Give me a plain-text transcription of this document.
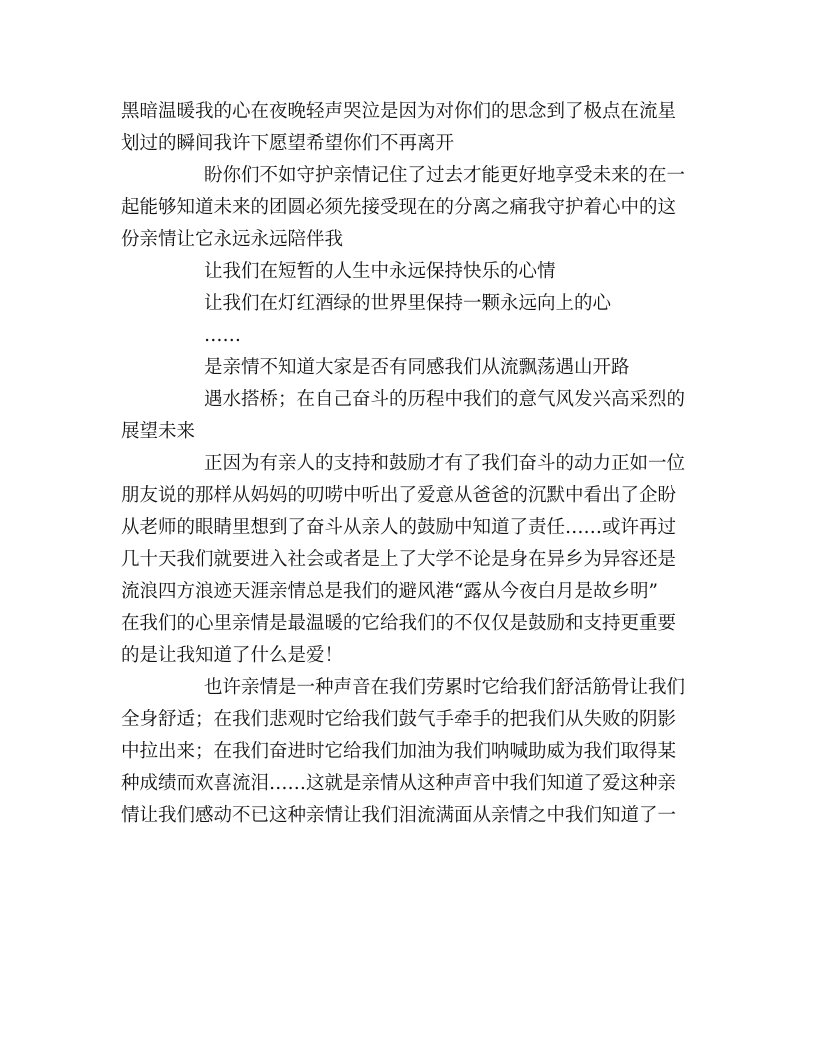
黑暗温暖我的心在夜晚轻声哭泣是因为对你们的思念到了极点在流星
划过的瞬间我许下愿望希望你们不再离开
盼你们不如守护亲情记住了过去才能更好地享受未来的在一
起能够知道未来的团圆必须先接受现在的分离之痛我守护着心中的这
份亲情让它永远永远陪伴我
让我们在短暂的人生中永远保持快乐的心情
让我们在灯红酒绿的世界里保持一颗永远向上的心
……
是亲情不知道大家是否有同感我们从流飘荡遇山开路
遇水搭桥；在自己奋斗的历程中我们的意气风发兴高采烈的
展望未来
正因为有亲人的支持和鼓励才有了我们奋斗的动力正如一位
朋友说的那样从妈妈的叨唠中听出了爱意从爸爸的沉默中看出了企盼
从老师的眼睛里想到了奋斗从亲人的鼓励中知道了责任……或许再过
几十天我们就要进入社会或者是上了大学不论是身在异乡为异容还是
流浪四方浪迹天涯亲情总是我们的避风港“露从今夜白月是故乡明”
在我们的心里亲情是最温暖的它给我们的不仅仅是鼓励和支持更重要
的是让我知道了什么是爱！
也许亲情是一种声音在我们劳累时它给我们舒活筋骨让我们
全身舒适；在我们悲观时它给我们鼓气手牵手的把我们从失败的阴影
中拉出来；在我们奋进时它给我们加油为我们呐喊助威为我们取得某
种成绩而欢喜流泪……这就是亲情从这种声音中我们知道了爱这种亲
情让我们感动不已这种亲情让我们泪流满面从亲情之中我们知道了一
